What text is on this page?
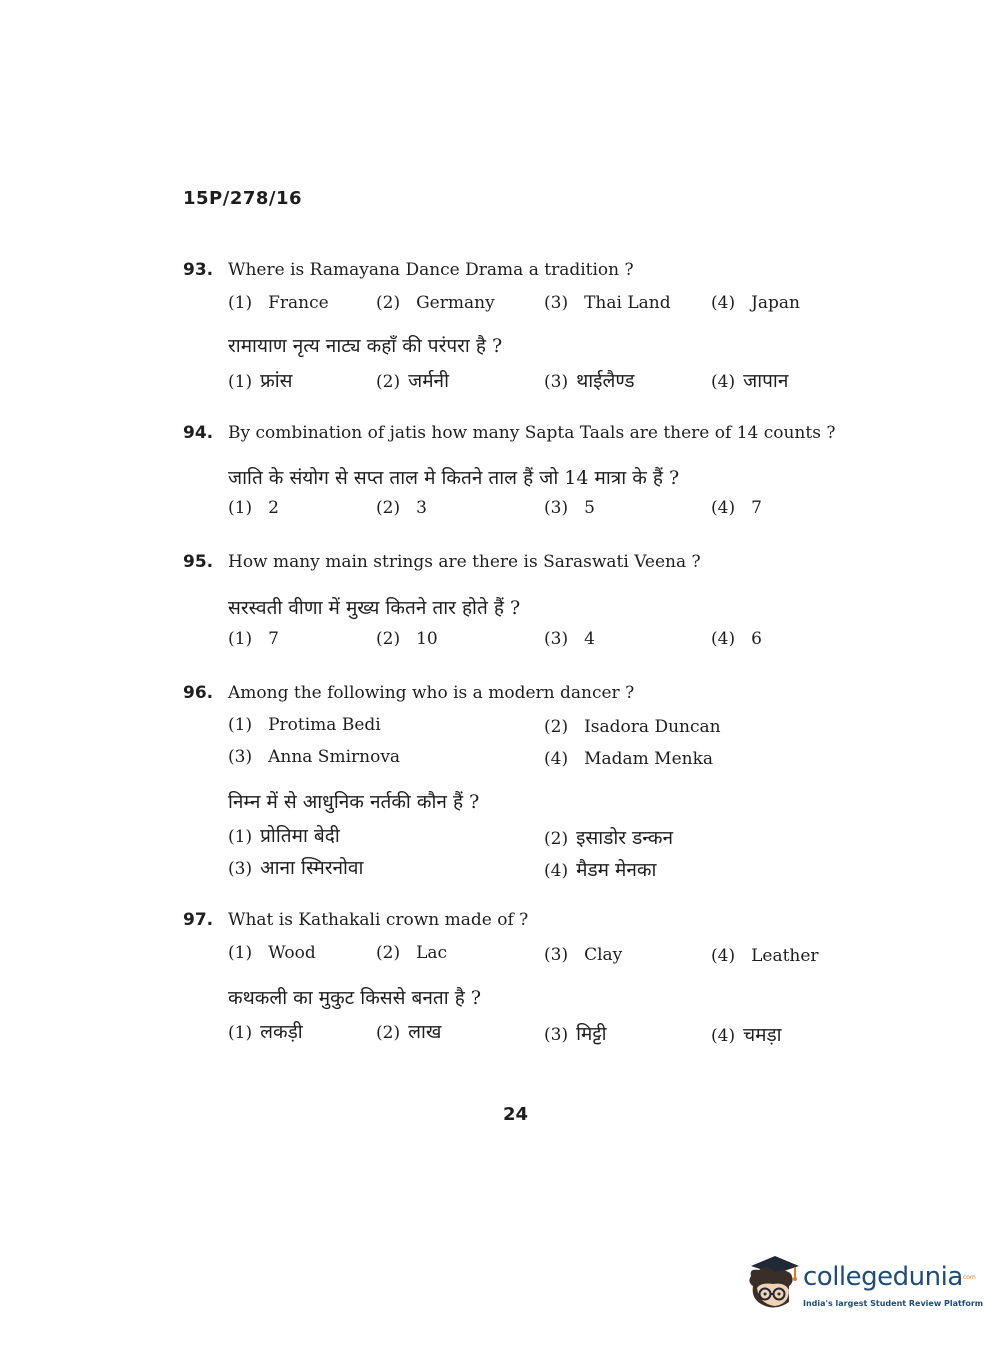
15P/278/16
93. Where is Ramayana Dance Drama a tradition ?
(1) France	(2) Germany	(3) Thai Land (4) Japan
रामायाण नृत्य नाट्य कहाँ की परंपरा है ?
(1) फ्रांस	(2) जर्मनी	(3) थाईलैण्ड	(4) जापान
94. By combination of jatis how many Sapta Taals are there of 14 counts ?
जाति के संयोग से सप्त ताल मे कितने ताल हैं जो 14 मात्रा के हैं ?
(1) 2	(2) 3	(3) 5	(4) 7
95. How many main strings are there is Saraswati Veena ?
सरस्वती वीणा में मुख्य कितने तार होते हैं ?
(1) 7	(2) 10	(3) 4	(4) 6
96. Among the following who is a modern dancer ?
(1) Protima Bedi	(2) Isadora Duncan
(3) Anna Smirnova	(4) Madam Menka
निम्न में से आधुनिक नर्तकी कौन हैं ?
(1) प्रोतिमा बेदी	(2) इसाडोर डन्कन
(3) आना स्मिरनोवा	(4) मैडम मेनका
97. What is Kathakali crown made of ?
(1) Wood	(2) Lac	(3) Clay	(4) Leather
कथकली का मुकुट किससे बनता है ?
(1) लकड़ी	(2) लाख	(3) मिट्टी	(4) चमड़ा
24
collegedunia
.com
India's largest Student Review Platform
